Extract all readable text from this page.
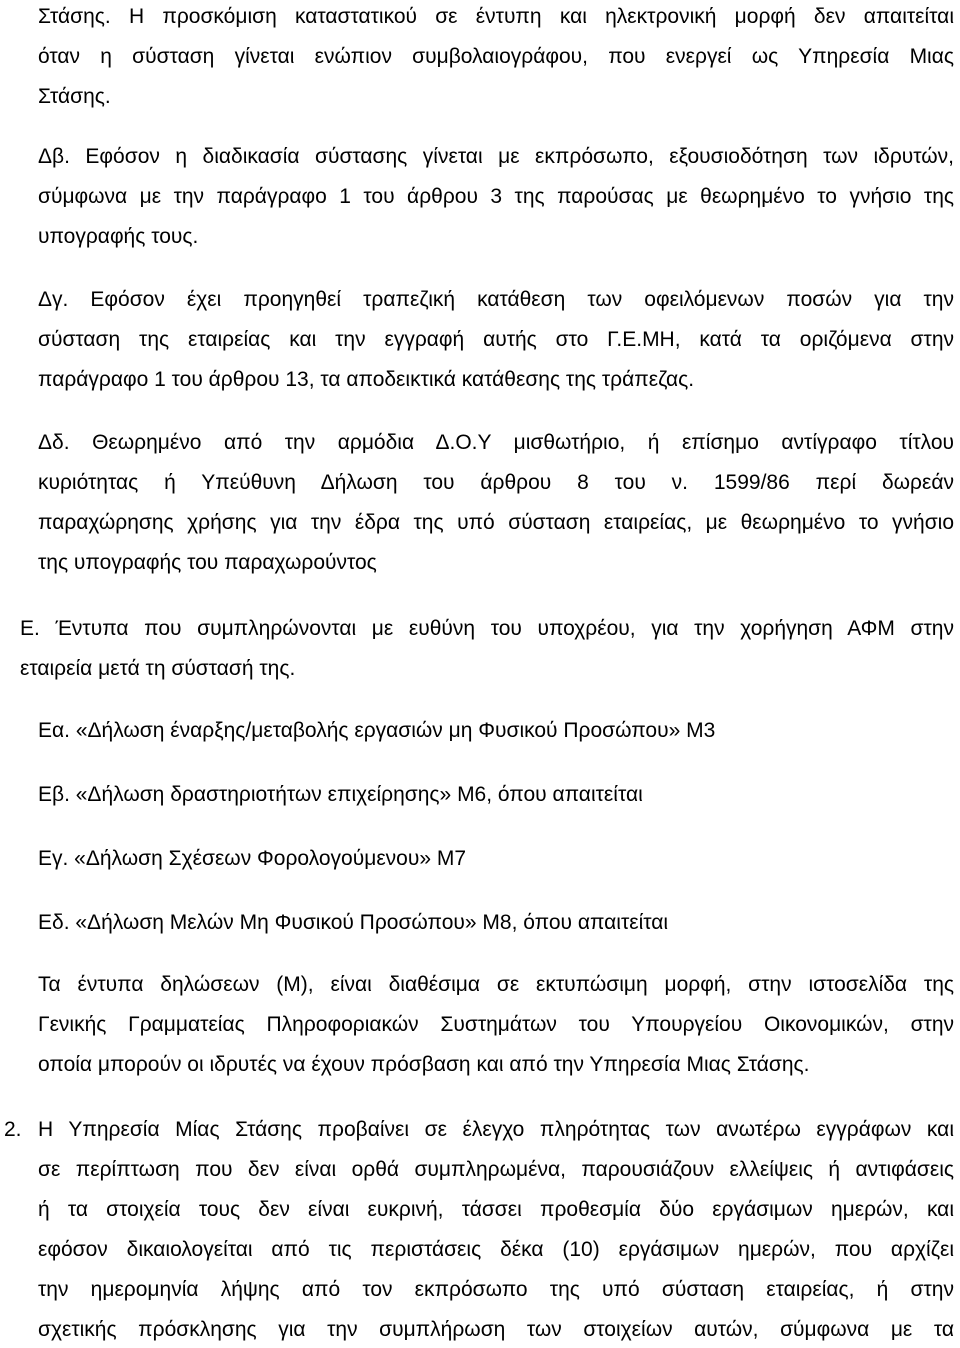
Στάσης. Η προσκόμιση καταστατικού σε έντυπη και ηλεκτρονική μορφή δεν απαιτείται
όταν η σύσταση γίνεται ενώπιον συμβολαιογράφου, που ενεργεί ως Υπηρεσία Μιας
Στάσης.
Δβ. Εφόσον η διαδικασία σύστασης γίνεται με εκπρόσωπο, εξουσιοδότηση των ιδρυτών,
σύμφωνα με την παράγραφο 1 του άρθρου 3 της παρούσας με θεωρημένο το γνήσιο της
υπογραφής τους.
Δγ. Εφόσον έχει προηγηθεί τραπεζική κατάθεση των οφειλόμενων ποσών για την
σύσταση της εταιρείας και την εγγραφή αυτής στο Γ.Ε.ΜΗ, κατά τα οριζόμενα στην
παράγραφο 1 του άρθρου 13, τα αποδεικτικά κατάθεσης της τράπεζας.
Δδ. Θεωρημένο από την αρμόδια Δ.Ο.Υ μισθωτήριο, ή επίσημο αντίγραφο τίτλου
κυριότητας ή Υπεύθυνη Δήλωση του άρθρου 8 του ν. 1599/86 περί δωρεάν
παραχώρησης χρήσης για την έδρα της υπό σύσταση εταιρείας, με θεωρημένο το γνήσιο
της υπογραφής του παραχωρούντος
Ε. Έντυπα που συμπληρώνονται με ευθύνη του υποχρέου, για την χορήγηση ΑΦΜ στην
εταιρεία μετά τη σύστασή της.
Εα. «Δήλωση έναρξης/μεταβολής εργασιών μη Φυσικού Προσώπου» Μ3
Εβ. «Δήλωση δραστηριοτήτων επιχείρησης» Μ6, όπου απαιτείται
Εγ. «Δήλωση Σχέσεων Φορολογούμενου» Μ7
Εδ. «Δήλωση Μελών Μη Φυσικού Προσώπου» Μ8, όπου απαιτείται
Τα έντυπα δηλώσεων (Μ), είναι διαθέσιμα σε εκτυπώσιμη μορφή, στην ιστοσελίδα της
Γενικής Γραμματείας Πληροφοριακών Συστημάτων του Υπουργείου Οικονομικών, στην
οποία μπορούν οι ιδρυτές να έχουν πρόσβαση και από την Υπηρεσία Μιας Στάσης.
2. Η Υπηρεσία Μίας Στάσης προβαίνει σε έλεγχο πληρότητας των ανωτέρω εγγράφων και
σε περίπτωση που δεν είναι ορθά συμπληρωμένα, παρουσιάζουν ελλείψεις ή αντιφάσεις
ή τα στοιχεία τους δεν είναι ευκρινή, τάσσει προθεσμία δύο εργάσιμων ημερών, και
εφόσον δικαιολογείται από τις περιστάσεις δέκα (10) εργάσιμων ημερών, που αρχίζει
την ημερομηνία λήψης από τον εκπρόσωπο της υπό σύσταση εταιρείας, ή στην
σχετικής πρόσκλησης για την συμπλήρωση των στοιχείων αυτών, σύμφωνα με τα
